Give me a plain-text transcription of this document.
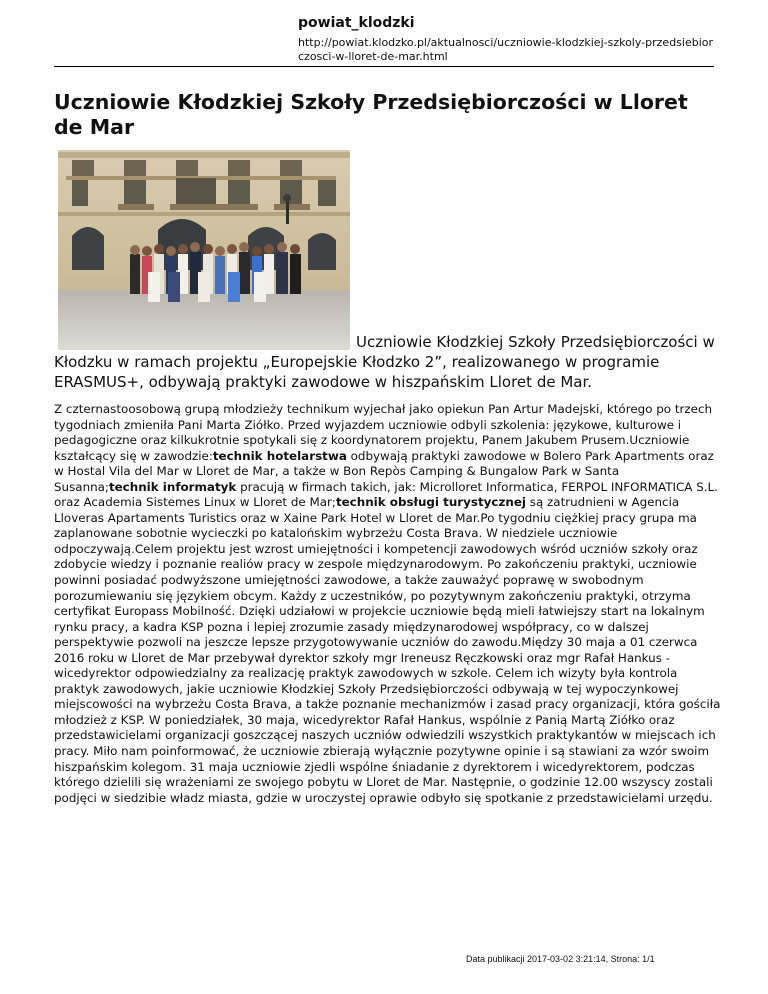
powiat_klodzki
http://powiat.klodzko.pl/aktualnosci/uczniowie-klodzkiej-szkoly-przedsiebiorczosci-w-lloret-de-mar.html
Uczniowie Kłodzkiej Szkoły Przedsiębiorczości w Lloret de Mar

Uczniowie Kłodzkiej Szkoły Przedsiębiorczości w Kłodzku w ramach projektu „Europejskie Kłodzko 2”, realizowanego w programie ERASMUS+, odbywają praktyki zawodowe w hiszpańskim Lloret de Mar.

Z czternastoosobową grupą młodzieży technikum wyjechał jako opiekun Pan Artur Madejski, którego po trzech tygodniach zmieniła Pani Marta Ziółko. Przed wyjazdem uczniowie odbyli szkolenia: językowe, kulturowe i pedagogiczne oraz kilkukrotnie spotykali się z koordynatorem projektu, Panem Jakubem Prusem.Uczniowie kształcący się w zawodzie:technik hotelarstwa odbywają praktyki zawodowe w Bolero Park Apartments oraz w Hostal Vila del Mar w Lloret de Mar, a także w Bon Repòs Camping & Bungalow Park w Santa Susanna;technik informatyk pracują w firmach takich, jak: Microlloret Informatica, FERPOL INFORMATICA S.L. oraz Academia Sistemes Linux w Lloret de Mar;technik obsługi turystycznej są zatrudnieni w Agencia Lloveras Apartaments Turistics oraz w Xaine Park Hotel w Lloret de Mar.Po tygodniu ciężkiej pracy grupa ma zaplanowane sobotnie wycieczki po katalońskim wybrzeżu Costa Brava. W niedziele uczniowie odpoczywają.Celem projektu jest wzrost umiejętności i kompetencji zawodowych wśród uczniów szkoły oraz zdobycie wiedzy i poznanie realiów pracy w zespole międzynarodowym. Po zakończeniu praktyki, uczniowie powinni posiadać podwyższone umiejętności zawodowe, a także zauważyć poprawę w swobodnym porozumiewaniu się językiem obcym. Każdy z uczestników, po pozytywnym zakończeniu praktyki, otrzyma certyfikat Europass Mobilność. Dzięki udziałowi w projekcie uczniowie będą mieli łatwiejszy start na lokalnym rynku pracy, a kadra KSP pozna i lepiej zrozumie zasady międzynarodowej współpracy, co w dalszej perspektywie pozwoli na jeszcze lepsze przygotowywanie uczniów do zawodu.Między 30 maja a 01 czerwca 2016 roku w Lloret de Mar przebywał dyrektor szkoły mgr Ireneusz Ręczkowski oraz mgr Rafał Hankus - wicedyrektor odpowiedzialny za realizację praktyk zawodowych w szkole. Celem ich wizyty była kontrola praktyk zawodowych, jakie uczniowie Kłodzkiej Szkoły Przedsiębiorczości odbywają w tej wypoczynkowej miejscowości na wybrzeżu Costa Brava, a także poznanie mechanizmów i zasad pracy organizacji, która gościła młodzież z KSP. W poniedziałek, 30 maja, wicedyrektor Rafał Hankus, wspólnie z Panią Martą Ziółko oraz przedstawicielami organizacji goszczącej naszych uczniów odwiedzili wszystkich praktykantów w miejscach ich pracy. Miło nam poinformować, że uczniowie zbierają wyłącznie pozytywne opinie i są stawiani za wzór swoim hiszpańskim kolegom. 31 maja uczniowie zjedli wspólne śniadanie z dyrektorem i wicedyrektorem, podczas którego dzielili się wrażeniami ze swojego pobytu w Lloret de Mar. Następnie, o godzinie 12.00 wszyscy zostali podjęci w siedzibie władz miasta, gdzie w uroczystej oprawie odbyło się spotkanie z przedstawicielami urzędu.

Data publikacji 2017-03-02 3:21:14, Strona: 1/1
